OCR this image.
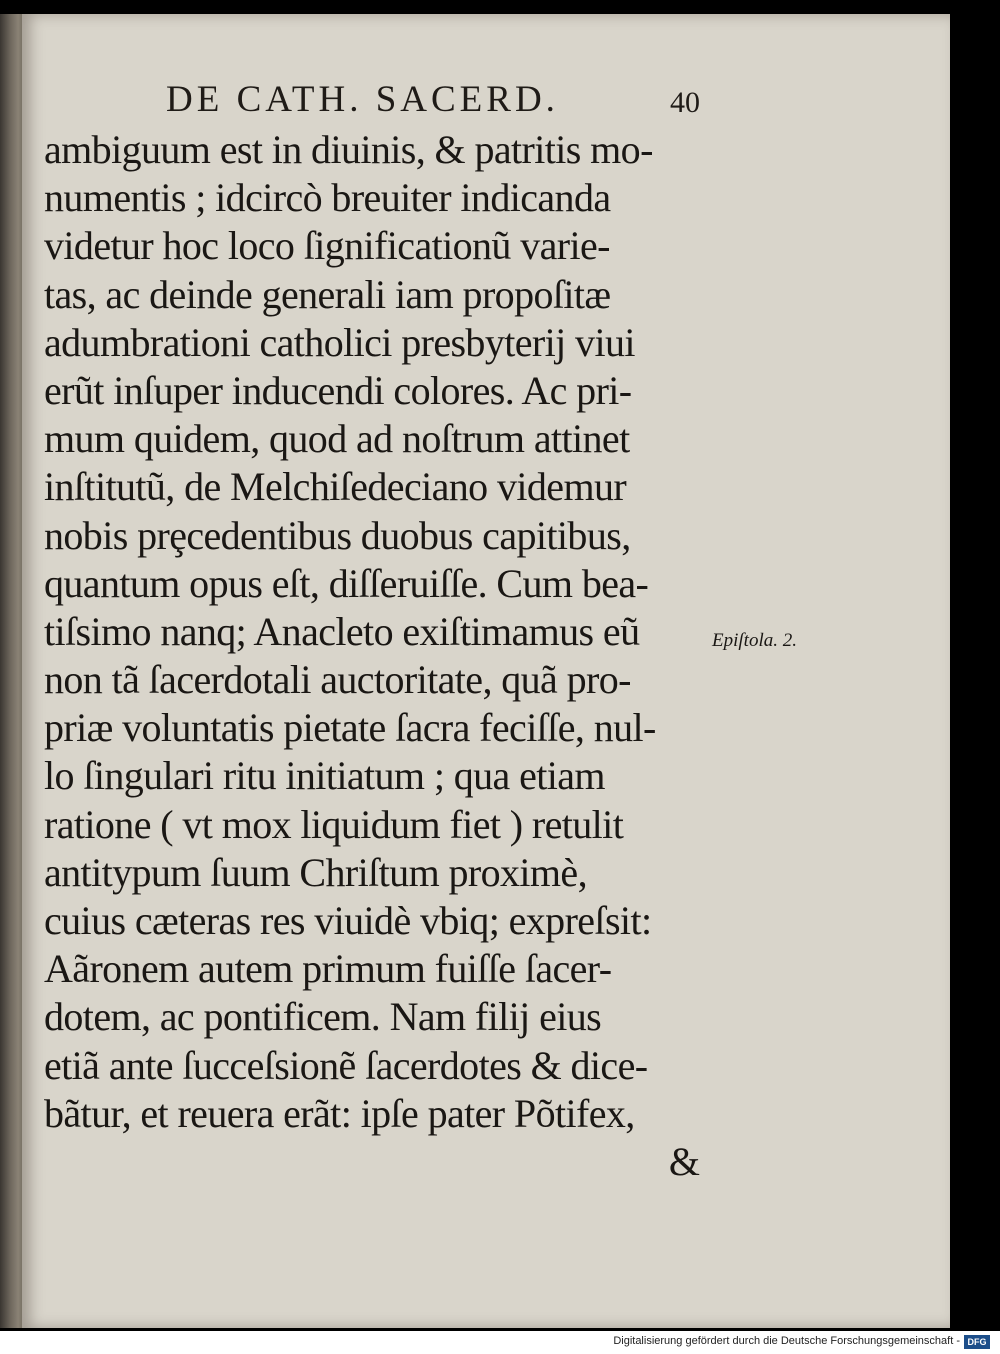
DE CATH. SACERD.	40
ambiguum est in diuinis, & patritis mo-
numentis ; idcircò breuiter indicanda
videtur hoc loco ſignificationũ varie-
tas, ac deinde generali iam propoſitæ
adumbrationi catholici presbyterij viui
erũt inſuper inducendi colores. Ac pri-
mum quidem, quod ad noſtrum attinet
inſtitutũ, de Melchiſedeciano videmur
nobis prȩcedentibus duobus capitibus,
quantum opus eſt, diſſeruiſſe. Cum bea-
tiſsimo nanq; Anacleto exiſtimamus eũ
non tã ſacerdotali auctoritate, quã pro-
priæ voluntatis pietate ſacra feciſſe, nul-
lo ſingulari ritu initiatum ; qua etiam
ratione ( vt mox liquidum fiet ) retulit
antitypum ſuum Chriſtum proximè,
cuius cæteras res viuidè vbiq; expreſsit:
Aãronem autem primum fuiſſe ſacer-
dotem, ac pontificem. Nam filij eius
etiã ante ſucceſsionẽ ſacerdotes & dice-
bãtur, et reuera erãt: ipſe pater Põtifex,
&
Epiſtola. 2.
Digitalisierung gefördert durch die Deutsche Forschungsgemeinschaft - DFG
